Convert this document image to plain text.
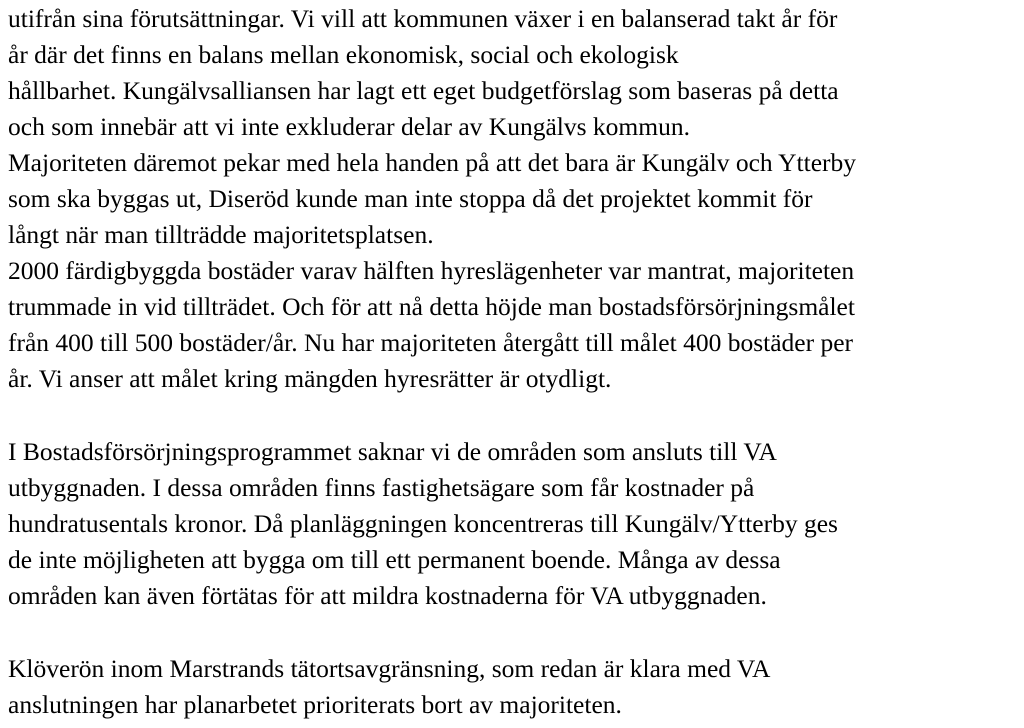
utifrån sina förutsättningar. Vi vill att kommunen växer i en balanserad takt år för
år där det finns en balans mellan ekonomisk, social och ekologisk
hållbarhet. Kungälvsalliansen har lagt ett eget budgetförslag som baseras på detta
och som innebär att vi inte exkluderar delar av Kungälvs kommun.
Majoriteten däremot pekar med hela handen på att det bara är Kungälv och Ytterby
som ska byggas ut, Diseröd kunde man inte stoppa då det projektet kommit för
långt när man tillträdde majoritetsplatsen.
2000 färdigbyggda bostäder varav hälften hyreslägenheter var mantrat, majoriteten
trummade in vid tillträdet. Och för att nå detta höjde man bostadsförsörjningsmålet
från 400 till 500 bostäder/år. Nu har majoriteten återgått till målet 400 bostäder per
år. Vi anser att målet kring mängden hyresrätter är otydligt.
I Bostadsförsörjningsprogrammet saknar vi de områden som ansluts till VA
utbyggnaden. I dessa områden finns fastighetsägare som får kostnader på
hundratusentals kronor. Då planläggningen koncentreras till Kungälv/Ytterby ges
de inte möjligheten att bygga om till ett permanent boende. Många av dessa
områden kan även förtätas för att mildra kostnaderna för VA utbyggnaden.
Klöverön inom Marstrands tätortsavgränsning, som redan är klara med VA
anslutningen har planarbetet prioriterats bort av majoriteten.
